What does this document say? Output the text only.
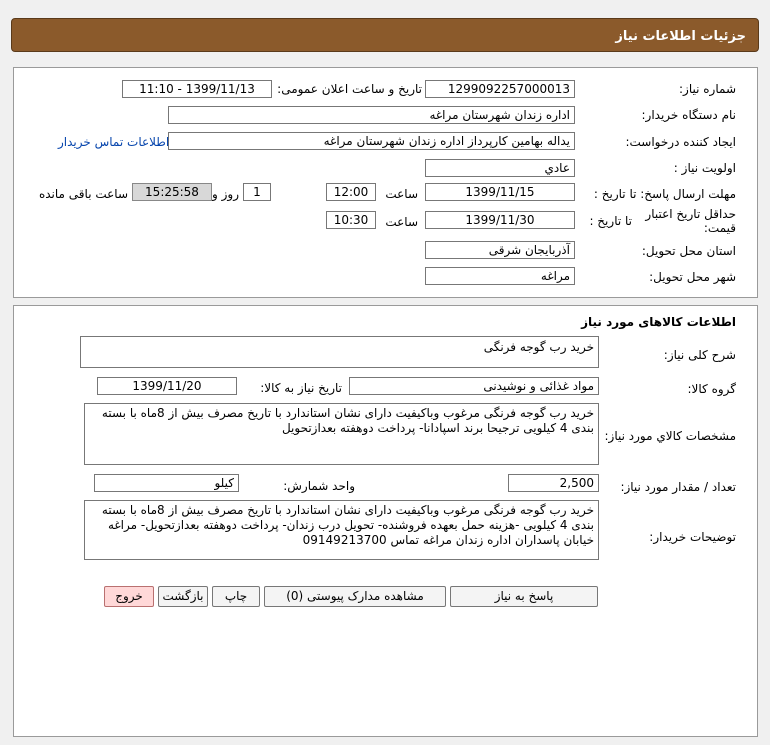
جزئیات اطلاعات نیاز
شماره نیاز:
1299092257000013
تاریخ و ساعت اعلان عمومی:
1399/11/13 - 11:10
نام دستگاه خریدار:
اداره زندان شهرستان مراغه
ایجاد کننده درخواست:
یداله بهامین کارپرداز اداره زندان شهرستان مراغه
اطلاعات تماس خریدار
اولویت نیاز :
عادي
مهلت ارسال پاسخ: تا تاریخ :
1399/11/15
ساعت
12:00
1
روز و
15:25:58
ساعت باقی مانده
حداقل تاریخ اعتبار قیمت:
تا تاریخ :
1399/11/30
ساعت
10:30
استان محل تحویل:
آذربایجان شرقی
شهر محل تحویل:
مراغه
اطلاعات کالاهای مورد نیاز
شرح کلی نیاز:
خرید رب گوجه فرنگی
گروه کالا:
مواد غذائی و نوشیدنی
تاریخ نیاز به کالا:
1399/11/20
مشخصات کالاي مورد نياز:
خرید رب گوجه فرنگی مرغوب وباکیفیت دارای نشان استاندارد با تاریخ مصرف بیش از 8ماه با بسته بندی 4 کیلویی ترجیحا برند اسپادانا- پرداخت دوهفته بعدازتحویل
تعداد / مقدار مورد نیاز:
2,500
واحد شمارش:
کیلو
توضیحات خریدار:
خرید رب گوجه فرنگی مرغوب وباکیفیت دارای نشان استاندارد با تاریخ مصرف بیش از 8ماه با بسته بندی 4 کیلویی -هزینه حمل بعهده فروشنده- تحویل درب زندان- پرداخت دوهفته بعدازتحویل- مراغه خیابان پاسداران اداره زندان مراغه تماس 09149213700
پاسخ به نیاز
مشاهده مدارک پیوستی (0)
چاپ
بازگشت
خروج
